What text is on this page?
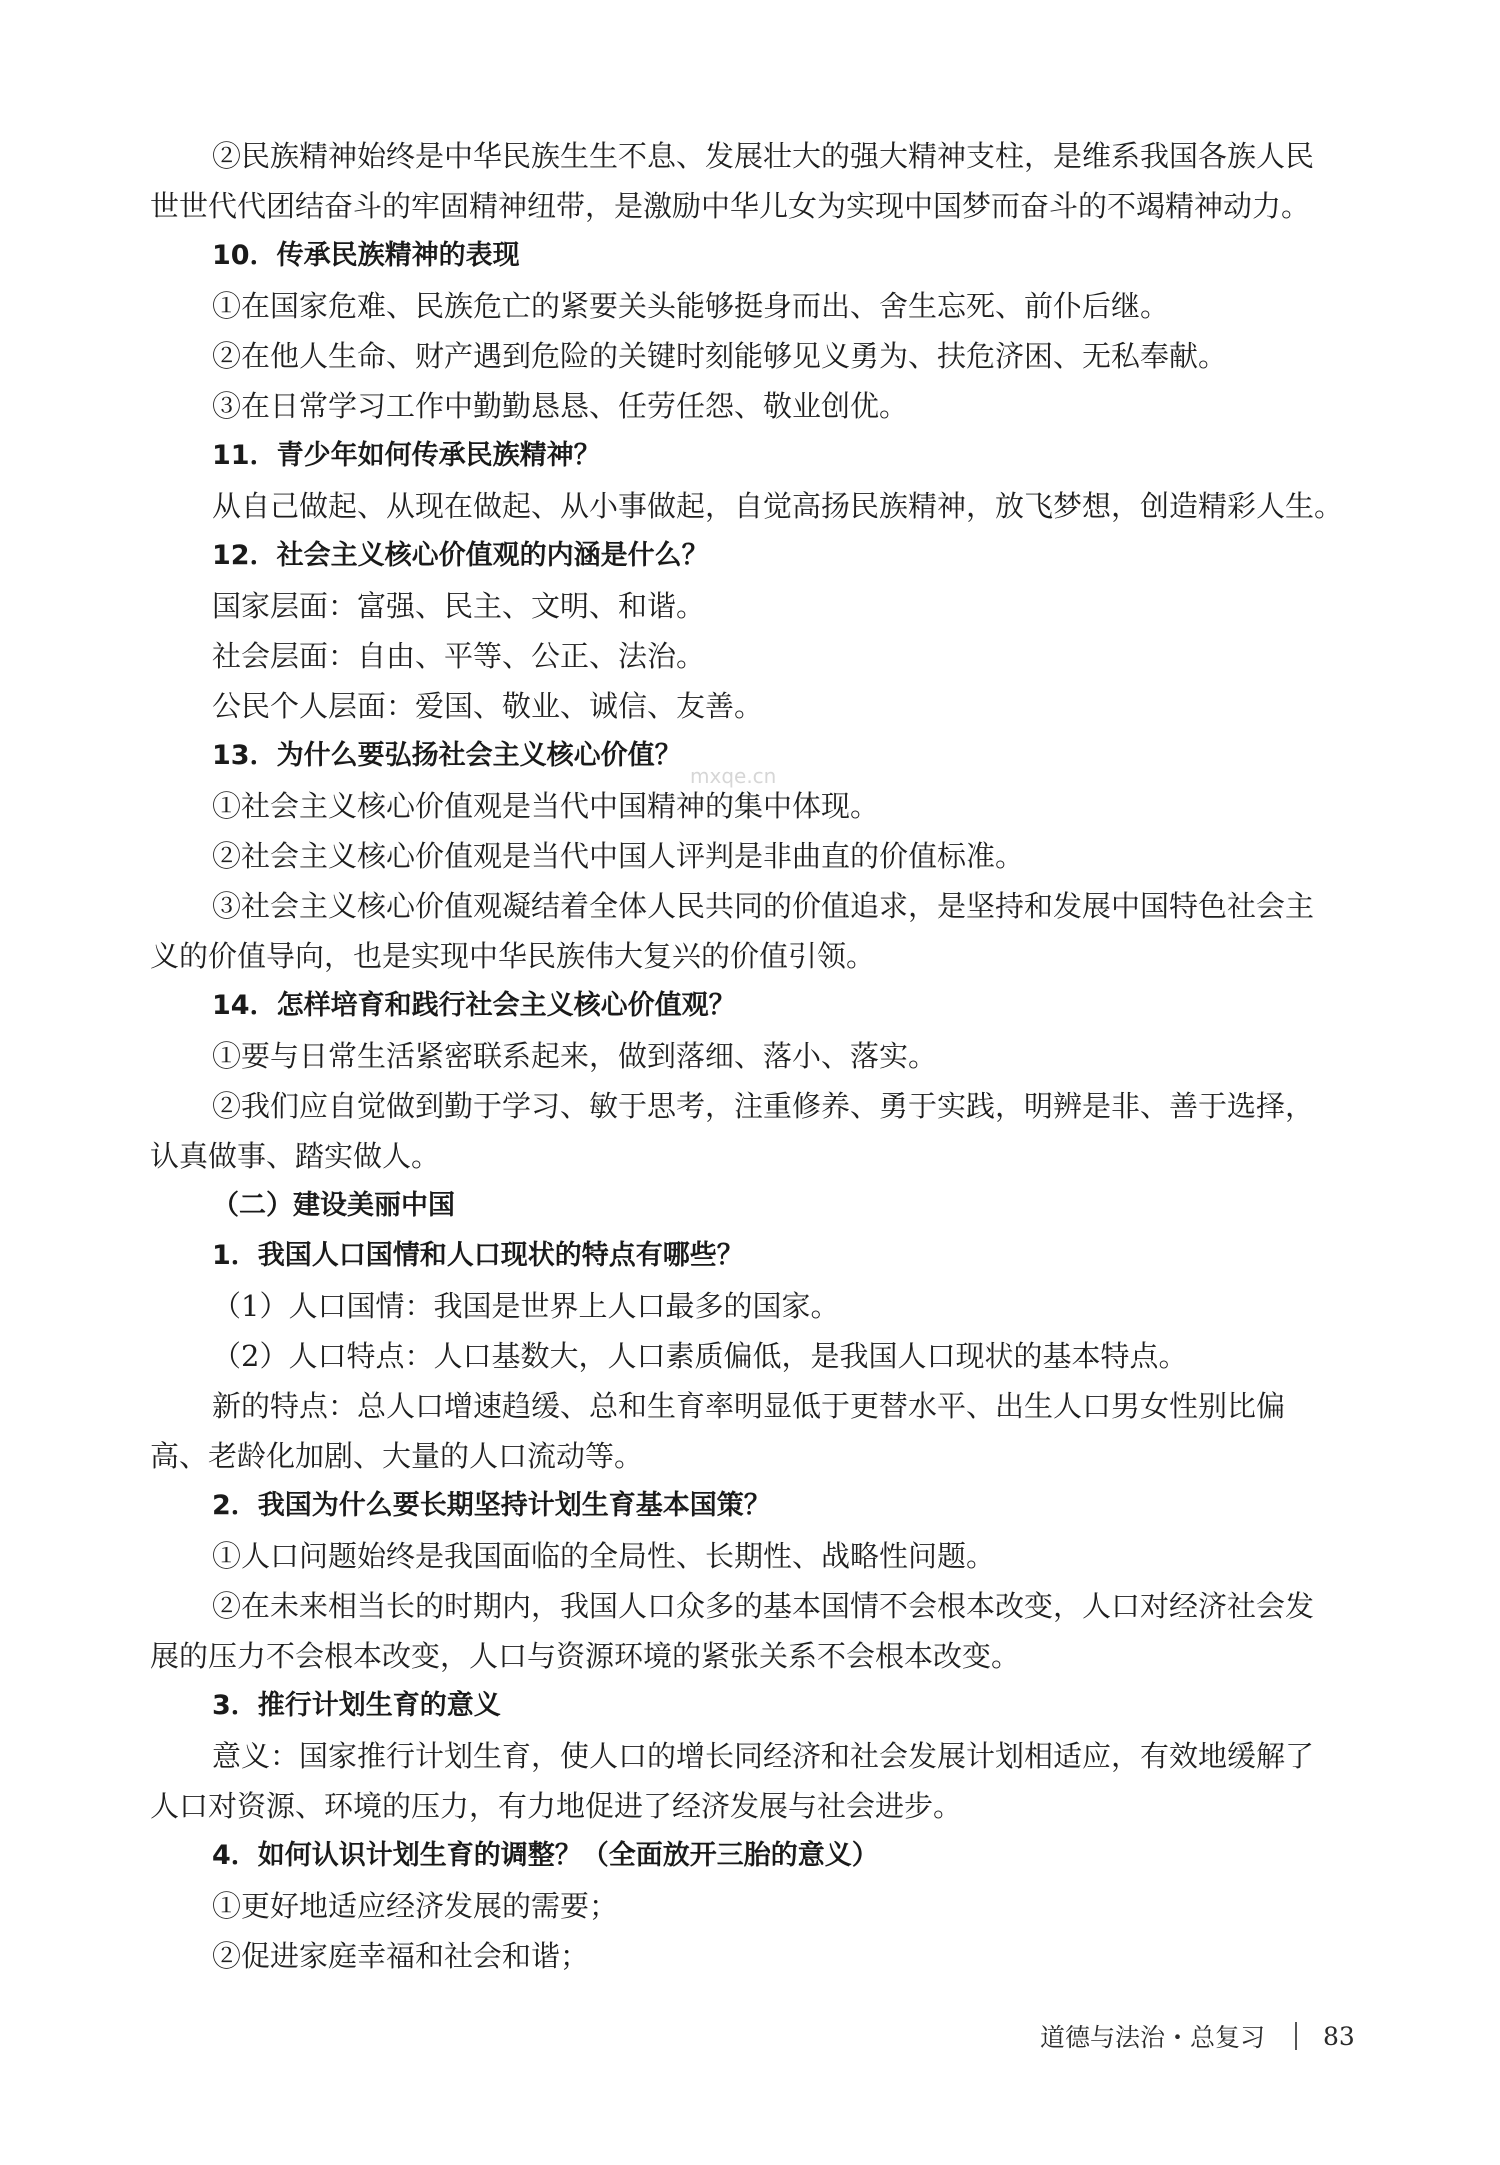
②民族精神始终是中华民族生生不息、发展壮大的强大精神支柱，是维系我国各族人民
世世代代团结奋斗的牢固精神纽带，是激励中华儿女为实现中国梦而奋斗的不竭精神动力。
10．传承民族精神的表现
①在国家危难、民族危亡的紧要关头能够挺身而出、舍生忘死、前仆后继。
②在他人生命、财产遇到危险的关键时刻能够见义勇为、扶危济困、无私奉献。
③在日常学习工作中勤勤恳恳、任劳任怨、敬业创优。
11．青少年如何传承民族精神？
从自己做起、从现在做起、从小事做起，自觉高扬民族精神，放飞梦想，创造精彩人生。
12．社会主义核心价值观的内涵是什么？
国家层面：富强、民主、文明、和谐。
社会层面：自由、平等、公正、法治。
公民个人层面：爱国、敬业、诚信、友善。
13．为什么要弘扬社会主义核心价值？
①社会主义核心价值观是当代中国精神的集中体现。
②社会主义核心价值观是当代中国人评判是非曲直的价值标准。
③社会主义核心价值观凝结着全体人民共同的价值追求，是坚持和发展中国特色社会主
义的价值导向，也是实现中华民族伟大复兴的价值引领。
14．怎样培育和践行社会主义核心价值观？
①要与日常生活紧密联系起来，做到落细、落小、落实。
②我们应自觉做到勤于学习、敏于思考，注重修养、勇于实践，明辨是非、善于选择，
认真做事、踏实做人。
（二）建设美丽中国
1．我国人口国情和人口现状的特点有哪些？
（1）人口国情：我国是世界上人口最多的国家。
（2）人口特点：人口基数大，人口素质偏低，是我国人口现状的基本特点。
新的特点：总人口增速趋缓、总和生育率明显低于更替水平、出生人口男女性别比偏
高、老龄化加剧、大量的人口流动等。
2．我国为什么要长期坚持计划生育基本国策？
①人口问题始终是我国面临的全局性、长期性、战略性问题。
②在未来相当长的时期内，我国人口众多的基本国情不会根本改变，人口对经济社会发
展的压力不会根本改变，人口与资源环境的紧张关系不会根本改变。
3．推行计划生育的意义
意义：国家推行计划生育，使人口的增长同经济和社会发展计划相适应，有效地缓解了
人口对资源、环境的压力，有力地促进了经济发展与社会进步。
4．如何认识计划生育的调整？（全面放开三胎的意义）
①更好地适应经济发展的需要；
②促进家庭幸福和社会和谐；
mxqe.cn
道德与法治・总复习 83
